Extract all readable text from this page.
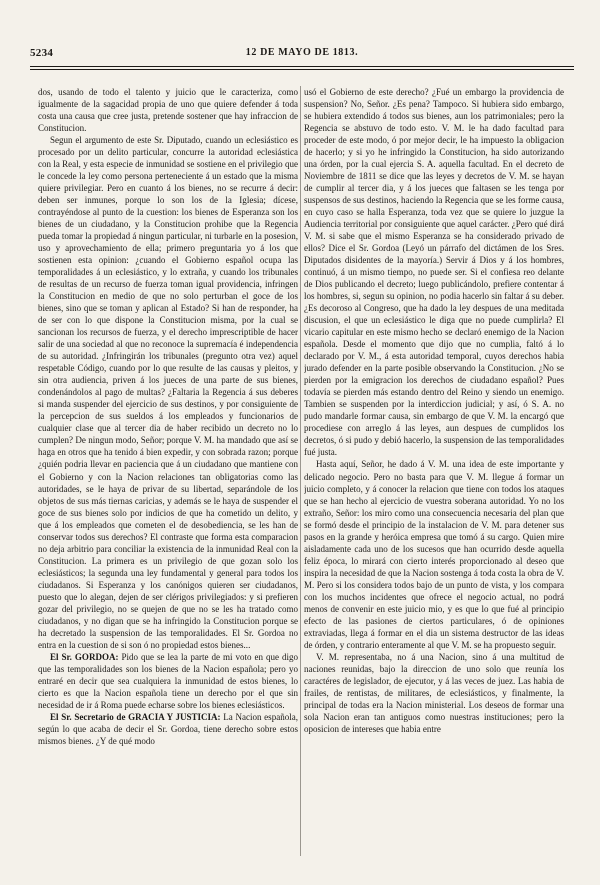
5234	12 DE MAYO DE 1813.

dos, usando de todo el talento y juicio que le caracteriza, como igualmente de la sagacidad propia de uno que quiere defender á toda costa una causa que cree justa, pretende sostener que hay infraccion de Constitucion.

Segun el argumento de este Sr. Diputado, cuando un eclesiástico es procesado por un delito particular, concurre la autoridad eclesiástica con la Real, y esta especie de inmunidad se sostiene en el privilegio que le concede la ley como persona perteneciente á un estado que la misma quiere privilegiar. Pero en cuanto á los bienes, no se recurre á decir: deben ser inmunes, porque lo son los de la Iglesia; dícese, contrayéndose al punto de la cuestion: los bienes de Esperanza son los bienes de un ciudadano, y la Constitucion prohibe que la Regencia pueda tomar la propiedad á ningun particular, ni turbarle en la posesion, uso y aprovechamiento de ella; primero preguntaria yo á los que sostienen esta opinion: ¿cuando el Gobierno español ocupa las temporalidades á un eclesiástico, y lo extraña, y cuando los tribunales de resultas de un recurso de fuerza toman igual providencia, infringen la Constitucion en medio de que no solo perturban el goce de los bienes, sino que se toman y aplican al Estado? Si han de responder, ha de ser con lo que dispone la Constitucion misma, por la cual se sancionan los recursos de fuerza, y el derecho imprescriptible de hacer salir de una sociedad al que no reconoce la supremacía é independencia de su autoridad. ¿Infringirán los tribunales (pregunto otra vez) aquel respetable Código, cuando por lo que resulte de las causas y pleitos, y sin otra audiencia, priven á los jueces de una parte de sus bienes, condenándolos al pago de multas? ¿Faltaria la Regencia á sus deberes si manda suspender del ejercicio de sus destinos, y por consiguiente de la percepcion de sus sueldos á los empleados y funcionarios de cualquier clase que al tercer dia de haber recibido un decreto no lo cumplen? De ningun modo, Señor; porque V. M. ha mandado que así se haga en otros que ha tenido á bien expedir, y con sobrada razon; porque ¿quién podria llevar en paciencia que á un ciudadano que mantiene con el Gobierno y con la Nacion relaciones tan obligatorias como las autoridades, se le haya de privar de su libertad, separándole de los objetos de sus más tiernas caricias, y además se le haya de suspender el goce de sus bienes solo por indicios de que ha cometido un delito, y que á los empleados que cometen el de desobediencia, se les han de conservar todos sus derechos? El contraste que forma esta comparacion no deja arbitrio para conciliar la existencia de la inmunidad Real con la Constitucion. La primera es un privilegio de que gozan solo los eclesiásticos; la segunda una ley fundamental y general para todos los ciudadanos. Si Esperanza y los canónigos quieren ser ciudadanos, puesto que lo alegan, dejen de ser clérigos privilegiados: y si prefieren gozar del privilegio, no se quejen de que no se les ha tratado como ciudadanos, y no digan que se ha infringido la Constitucion porque se ha decretado la suspension de las temporalidades. El Sr. Gordoa no entra en la cuestion de si son ó no propiedad estos bienes...

El Sr. GORDOA: Pido que se lea la parte de mi voto en que digo que las temporalidades son los bienes de la Nacion española; pero yo entraré en decir que sea cualquiera la inmunidad de estos bienes, lo cierto es que la Nacion española tiene un derecho por el que sin necesidad de ir á Roma puede echarse sobre los bienes eclesiásticos.

El Sr. Secretario de GRACIA Y JUSTICIA: La Nacion española, según lo que acaba de decir el Sr. Gordoa, tiene derecho sobre estos mismos bienes. ¿Y de qué modo

usó el Gobierno de este derecho? ¿Fué un embargo la providencia de suspension? No, Señor. ¿Es pena? Tampoco. Si hubiera sido embargo, se hubiera extendido á todos sus bienes, aun los patrimoniales; pero la Regencia se abstuvo de todo esto. V. M. le ha dado facultad para proceder de este modo, ó por mejor decir, le ha impuesto la obligacion de hacerlo; y si yo he infringido la Constitucion, ha sido autorizando una órden, por la cual ejercia S. A. aquella facultad. En el decreto de Noviembre de 1811 se dice que las leyes y decretos de V. M. se hayan de cumplir al tercer dia, y á los jueces que faltasen se les tenga por suspensos de sus destinos, haciendo la Regencia que se les forme causa, en cuyo caso se halla Esperanza, toda vez que se quiere lo juzgue la Audiencia territorial por consiguiente que aquel carácter. ¿Pero qué dirá V. M. si sabe que el mismo Esperanza se ha considerado privado de ellos? Dice el Sr. Gordoa (Leyó un párrafo del dictámen de los Sres. Diputados disidentes de la mayoría.) Servir á Dios y á los hombres, continuó, á un mismo tiempo, no puede ser. Si el confiesa reo delante de Dios publicando el decreto; luego publicándolo, prefiere contentar á los hombres, si, segun su opinion, no podia hacerlo sin faltar á su deber. ¿Es decoroso al Congreso, que ha dado la ley despues de una meditada discusion, el que un eclesiástico le diga que no puede cumplirla? El vicario capitular en este mismo hecho se declaró enemigo de la Nacion española. Desde el momento que dijo que no cumplia, faltó á lo declarado por V. M., á esta autoridad temporal, cuyos derechos habia jurado defender en la parte posible observando la Constitucion. ¿No se pierden por la emigracion los derechos de ciudadano español? Pues todavía se pierden más estando dentro del Reino y siendo un enemigo. Tambien se suspenden por la interdiccion judicial; y así, ó S. A. no pudo mandarle formar causa, sin embargo de que V. M. la encargó que procediese con arreglo á las leyes, aun despues de cumplidos los decretos, ó si pudo y debió hacerlo, la suspension de las temporalidades fué justa.

Hasta aquí, Señor, he dado á V. M. una idea de este importante y delicado negocio. Pero no basta para que V. M. llegue á formar un juicio completo, y á conocer la relacion que tiene con todos los ataques que se han hecho al ejercicio de vuestra soberana autoridad. Yo no los extraño, Señor: los miro como una consecuencia necesaria del plan que se formó desde el principio de la instalacion de V. M. para detener sus pasos en la grande y heróica empresa que tomó á su cargo. Quien mire aisladamente cada uno de los sucesos que han ocurrido desde aquella feliz época, lo mirará con cierto interés proporcionado al deseo que inspira la necesidad de que la Nacion sostenga á toda costa la obra de V. M. Pero si los considera todos bajo de un punto de vista, y los compara con los muchos incidentes que ofrece el negocio actual, no podrá menos de convenir en este juicio mio, y es que lo que fué al principio efecto de las pasiones de ciertos particulares, ó de opiniones extraviadas, llega á formar en el dia un sistema destructor de las ideas de órden, y contrario enteramente al que V. M. se ha propuesto seguir.

V. M. representaba, no á una Nacion, sino á una multitud de naciones reunidas, bajo la direccion de uno solo que reunía los caractéres de legislador, de ejecutor, y á las veces de juez. Las habia de frailes, de rentistas, de militares, de eclesiásticos, y finalmente, la principal de todas era la Nacion ministerial. Los deseos de formar una sola Nacion eran tan antiguos como nuestras instituciones; pero la oposicion de intereses que habia entre
